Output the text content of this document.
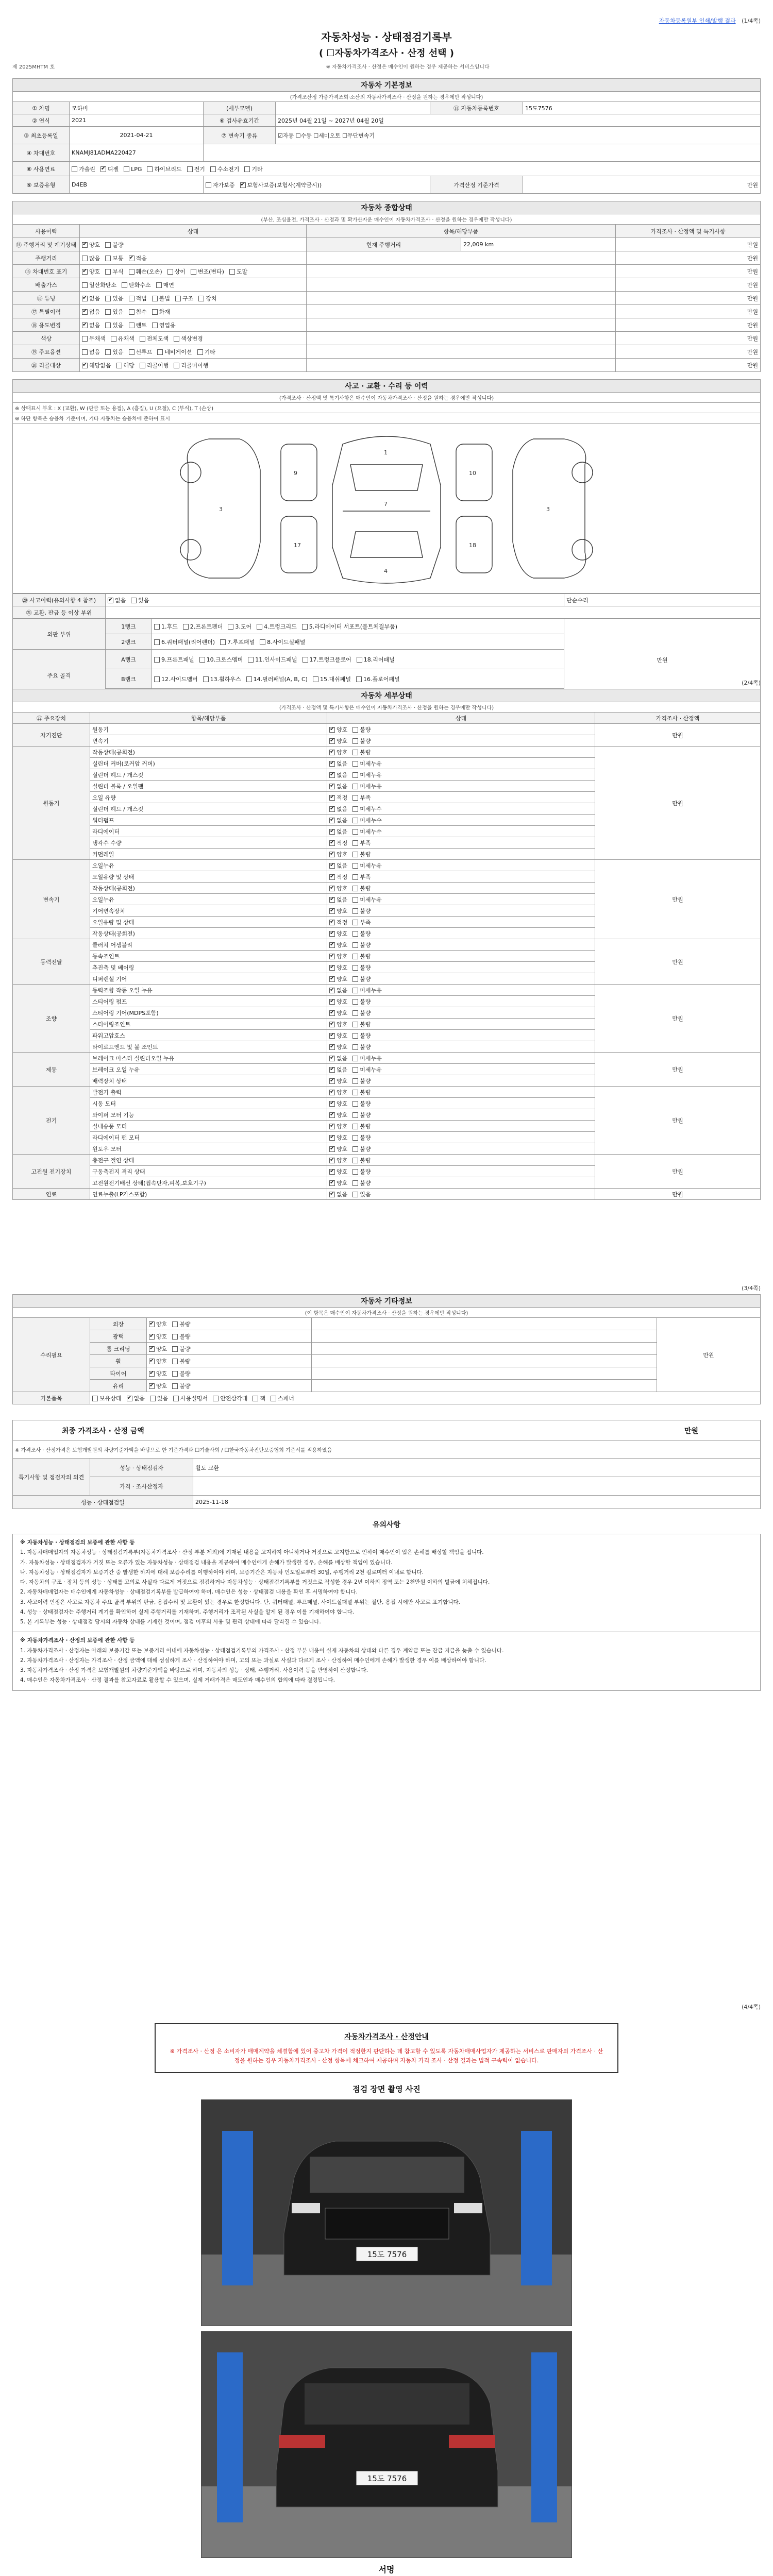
자동차등록원부 인쇄/발행 결과 (1/4쪽)
자동차성능 · 상태점검기록부
( ☐자동차가격조사 · 산정 선택 )
제 2025MHTM 호	※ 자동차가격조사 · 산정은 매수인이 원하는 경우 제공하는 서비스임니다
자동차 기본정보					
(가격조산정 가중가격조회·소산의 자동차가격조사 · 산정을 원하는 경우에만 작성니다)					
① 차명	모하비	(세부모델)		⑪ 자동차등록번호	15도7576
② 연식	2021	⑥ 검사유효기간	2025년 04월 21일 ~ 2027년 04월 20일		
③ 최초등록일	2021-04-21	⑦ 변속기 종류	☑자동 ☐수동 ☐세미오토 ☐무단변속기		
④ 차대번호	KNAMJ81ADMA220427				
⑧ 사용연료	가솔린 ✔ 디젤 LPG 하이브리드 전기 수소전기 기타
⑨ 보증유형	D4EB	자가보증 ✔ 보험사보증(보험사(계약금시))		가격산정 기준가격	만원
자동차 종합상태				
(부산, 조심율전, 가격조사 · 산정과 및 확가산자운 매수인이 자동차가격조사 · 산정을 원하는 경우에만 작성니다)				
사용이력	상태	항목/해당부품		가격조사 · 산정액 및 특기사항
⑭ 주행거리 및 계기상태	✔양호 불량	현재 주행거리	22,009 km	만원
주행거리	많음 보통 ✔ 적음			만원
⑮ 차대번호 표기	✔양호 부식 훼손(오손) 상이 변조(변타) 도말			만원
배출가스	일산화탄소 탄화수소 매연			만원
⑯ 튜닝	✔없음 있음 적법 불법 구조 장치			만원
⑰ 특별이력	✔없음 있음 침수 화재			만원
⑱ 용도변경	✔없음 있음 렌트 영업용			만원
색상	무채색 유채색 전체도색 색상변경			만원
⑲ 주요옵션	없음 있음 선루프 네비게이션 기타			만원
⑳ 리콜대상	✔해당없음 해당 리콜이행 리콜미이행			만원
사고 · 교환 · 수리 등 이력
(가격조사 · 산정액 및 특기사항은 매수인이 자동차가격조사 · 산정을 원하는 경우에만 작성니다)
※ 상태표시 부호 : X (교환), W (판금 또는 용접), A (흠집), U (요철), C (부식), T (손상)
※ 하단 항목은 승용차 기준이며, 기타 자동차는 승용차에 준하여 표시
1
7
4
3	3
9	10
17	18
⑳ 사고이력(유의사항 4 참조)	✔없음 있음		단순수리
㉑ 교환, 판금 등 이상 부위			
외판 부위	1랭크	1.후드 2.프론트펜더 3.도어 4.트렁크리드 5.라디에이터 서포트(볼트체결부품)	만원
	2랭크	6.쿼터패널(리어펜더) 7.루프패널 8.사이드실패널	
주요 골격	A랭크	9.프론트패널 10.크로스멤버 11.인사이드패널 17.트렁크플로어 18.리어패널	
	B랭크	12.사이드멤버 13.휠하우스 14.필러패널(A, B, C) 15.대쉬패널 16.플로어패널	

(2/4쪽)
자동차 세부상태			
(가격조사 · 산정액 및 특기사항은 매수인이 자동차가격조사 · 산정을 원하는 경우에만 작성니다)			
㉒ 주요장치	항목/해당부품	상태	가격조사 · 산정액
자기진단	원동기	✔양호 불량	만원
	변속기	✔양호 불량
원동기	작동상태(공회전)	✔양호 불량	만원
	실린더 커버(로커암 커버)	✔없음 미세누유
	실린더 헤드 / 개스킷	✔없음 미세누유
	실린더 블록 / 오일팬	✔없음 미세누유
	오일 유량	✔적정 부족
	실린더 헤드 / 개스킷	✔없음 미세누수
	워터펌프	✔없음 미세누수
	라디에이터	✔없음 미세누수
	냉각수 수량	✔적정 부족
	커먼레일	✔양호 불량
변속기	오일누유	✔없음 미세누유	만원
	오일유량 및 상태	✔적정 부족
	작동상태(공회전)	✔양호 불량
	오일누유	✔없음 미세누유
	기어변속장치	✔양호 불량
	오일유량 및 상태	✔적정 부족
	작동상태(공회전)	✔양호 불량
동력전달	클러치 어셈블리	✔양호 불량	만원
	등속조인트	✔양호 불량
	추진축 및 베어링	✔양호 불량
	디퍼렌셜 기어	✔양호 불량
조향	동력조향 작동 오일 누유	✔없음 미세누유	만원
	스티어링 펌프	✔양호 불량
	스티어링 기어(MDPS포함)	✔양호 불량
	스티어링조인트	✔양호 불량
	파워고압호스	✔양호 불량
	타이로드엔드 및 볼 조인트	✔양호 불량
제동	브레이크 마스터 실린더오일 누유	✔없음 미세누유	만원
	브레이크 오일 누유	✔없음 미세누유
	배력장치 상태	✔양호 불량
전기	발전기 출력	✔양호 불량	만원
	시동 모터	✔양호 불량
	와이퍼 모터 기능	✔양호 불량
	실내송풍 모터	✔양호 불량
	라디에이터 팬 모터	✔양호 불량
	윈도우 모터	✔양호 불량
고전원 전기장치	충전구 절연 상태	✔양호 불량	만원
	구동축전지 격리 상태	✔양호 불량
	고전원전기배선 상태(접속단자,피복,보호기구)	✔양호 불량
연료	연료누출(LP가스포함)	✔없음 있음	만원
(3/4쪽)
자동차 기타정보				
(이 항목은 매수인이 자동차가격조사 · 산정을 원하는 경우에만 작성니다)				
수리필요	외장	✔양호 불량		만원
	광택	✔양호 불량	
	룸 크리닝	✔양호 불량	
	휠	✔양호 불량	
	타이어	✔양호 불량	
	유리	✔양호 불량	
기본품목	보유상태 ✔ 없음 있음 사용설명서 안전삼각대 잭 스패너
최종 가격조사 · 산정 금액		만원
※ 가격조사 · 산정가격은 보험개발원의 차량기준가액을 바탕으로 한 기준가격과 ☐기술사회 / ☐한국자동차진단보증협회 기준서를 적용하였음		
특기사항 및 점검자의 의견	성능 · 상태점검자	휠도 교환
	가격 · 조사산정자	
성능 · 상태점검일		2025-11-18
유의사항

※ 자동차성능 · 상태점검의 보증에 관한 사항 등

1. 자동차매매업자의 자동차성능 · 상태점검기록부(자동차가격조사 · 산정 부분 제외)에 기재된 내용을 고지하지 아니하거나 거짓으로 고지함으로 인하여 매수인이 입은 손해를 배상할 책임을 집니다.

가. 자동차성능 · 상태점검자가 거짓 또는 오류가 있는 자동차성능 · 상태점검 내용을 제공하여 매수인에게 손해가 발생한 경우, 손해를 배상할 책임이 있습니다.

나. 자동차성능 · 상태점검자가 보증기간 중 발생한 하자에 대해 보증수리를 이행하여야 하며, 보증기간은 자동차 인도일로부터 30일, 주행거리 2천 킬로미터 이내로 합니다.

다. 자동차의 구조 · 장치 등의 성능 · 상태를 고의로 사실과 다르게 거짓으로 점검하거나 자동차성능 · 상태점검기록부를 거짓으로 작성한 경우 2년 이하의 징역 또는 2천만원 이하의 벌금에 처해집니다.

2. 자동차매매업자는 매수인에게 자동차성능 · 상태점검기록부를 발급하여야 하며, 매수인은 성능 · 상태점검 내용을 확인 후 서명하여야 합니다.

3. 사고이력 인정은 사고로 자동차 주요 골격 부위의 판금, 용접수리 및 교환이 있는 경우로 한정합니다. 단, 쿼터패널, 루프패널, 사이드실패널 부위는 절단, 용접 시에만 사고로 표기합니다.

4. 성능 · 상태점검자는 주행거리 계기를 확인하여 실제 주행거리를 기재하며, 주행거리가 조작된 사실을 알게 된 경우 이를 기재하여야 합니다.

5. 본 기록부는 성능 · 상태점검 당시의 자동차 상태를 기재한 것이며, 점검 이후의 사용 및 관리 상태에 따라 달라질 수 있습니다.

※ 자동차가격조사 · 산정의 보증에 관한 사항 등

1. 자동차가격조사 · 산정자는 아래의 보증기간 또는 보증거리 이내에 자동차성능 · 상태점검기록부의 가격조사 · 산정 부분 내용이 실제 자동차의 상태와 다른 경우 계약금 또는 잔금 지급을 늦출 수 있습니다.

2. 자동차가격조사 · 산정자는 가격조사 · 산정 금액에 대해 성실하게 조사 · 산정하여야 하며, 고의 또는 과실로 사실과 다르게 조사 · 산정하여 매수인에게 손해가 발생한 경우 이를 배상하여야 합니다.

3. 자동차가격조사 · 산정 가격은 보험개발원의 차량기준가액을 바탕으로 하며, 자동차의 성능 · 상태, 주행거리, 사용이력 등을 반영하여 산정합니다.

4. 매수인은 자동차가격조사 · 산정 결과를 참고자료로 활용할 수 있으며, 실제 거래가격은 매도인과 매수인의 합의에 따라 결정됩니다.

(4/4쪽)
자동차가격조사 · 산정안내
※ 가격조사 · 산정 은 소비자가 매매계약을 체결함에 있어 중고차 가격이 적정한지 판단하는 데 참고할 수 있도록 자동차매매사업자가 제공하는 서비스로 판매자의 가격조사 · 산정을 원하는 경우 자동차가격조사 · 산정 항목에 체크하여 제공하며 자동차 가격 조사 · 산정 결과는 법적 구속력이 없습니다.
점검 장면 촬영 사진
15도 7576
15도 7576
서명
